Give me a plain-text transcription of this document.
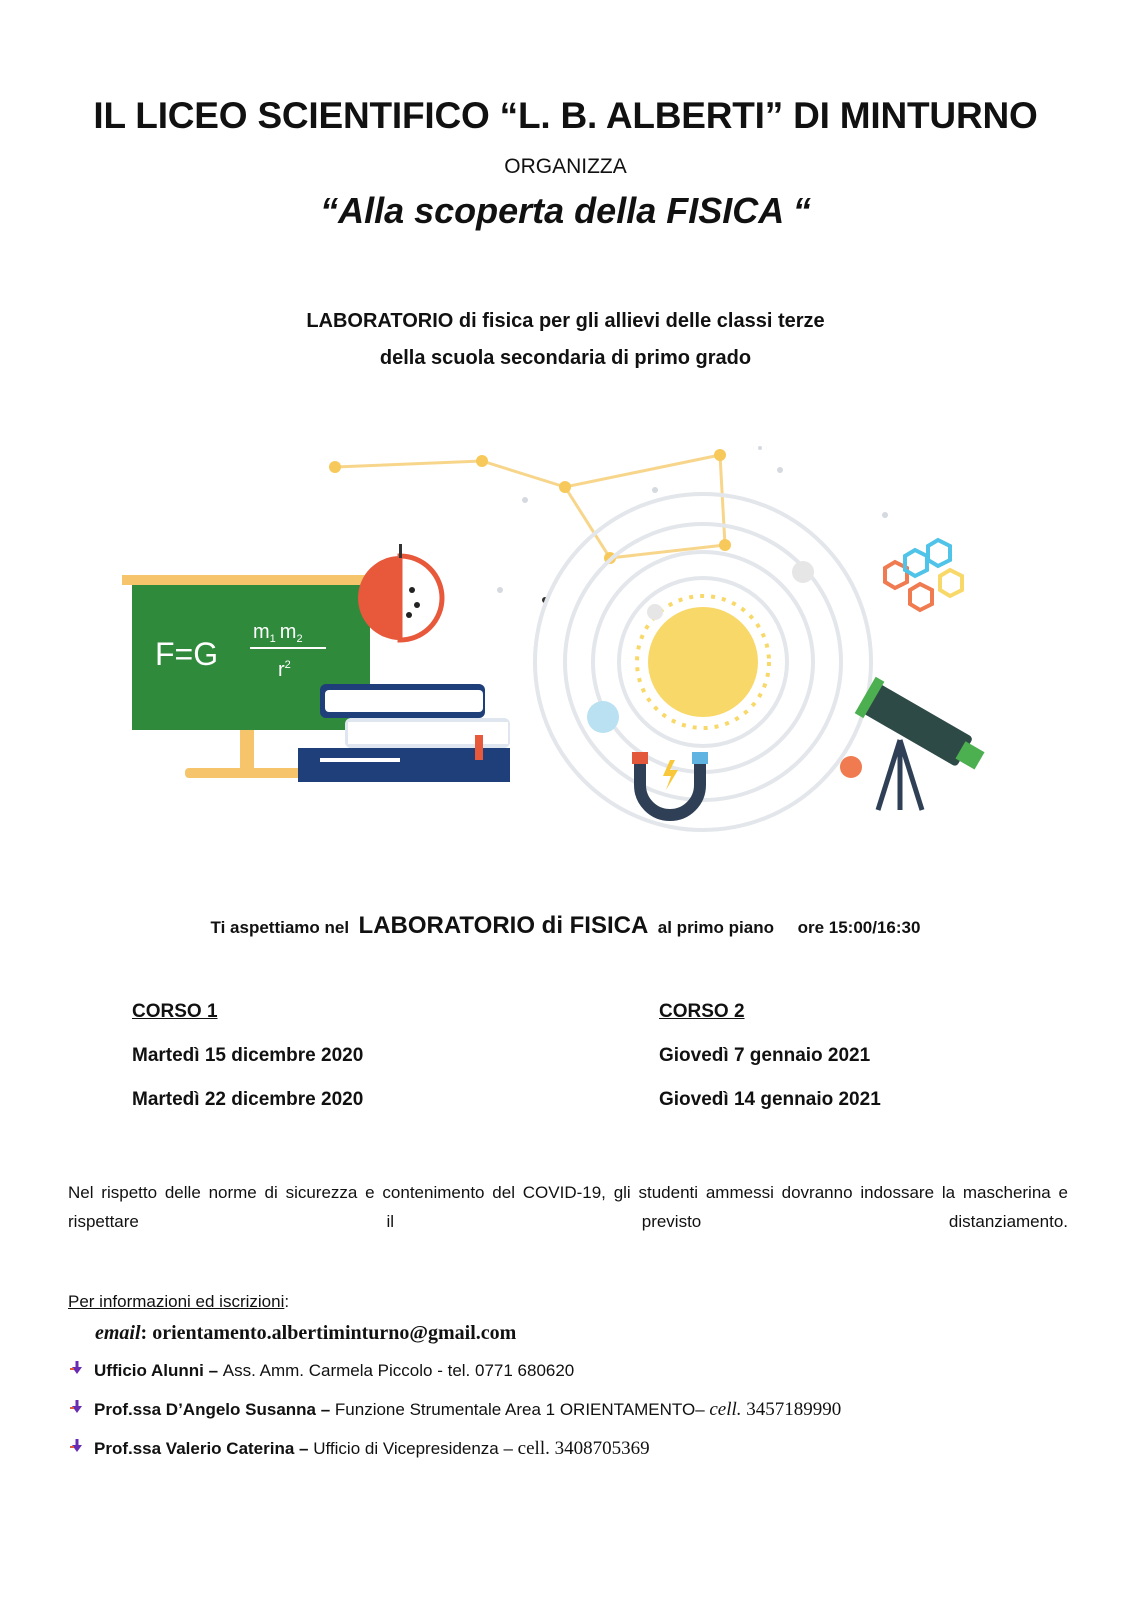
IL LICEO SCIENTIFICO “L. B. ALBERTI” DI MINTURNO
ORGANIZZA
“Alla scoperta della FISICA “
LABORATORIO di fisica per gli allievi delle classi terze
della scuola secondaria di primo grado
F=G
$m_1$ $m_2$
$r^2$
Ti aspettiamo nel LABORATORIO di FISICA al primo piano ore 15:00/16:30
CORSO 1
Martedì 15 dicembre 2020
Martedì 22 dicembre 2020
CORSO 2
Giovedì 7 gennaio 2021
Giovedì 14 gennaio 2021
Nel rispetto delle norme di sicurezza e contenimento del COVID-19, gli studenti ammessi dovranno indossare la mascherina e rispettare il previsto distanziamento.
Per informazioni ed iscrizioni:
email: orientamento.albertiminturno@gmail.com
Ufficio Alunni – Ass. Amm. Carmela Piccolo - tel. 0771 680620
Prof.ssa D’Angelo Susanna – Funzione Strumentale Area 1 ORIENTAMENTO– cell. 3457189990
Prof.ssa Valerio Caterina – Ufficio di Vicepresidenza – cell. 3408705369
